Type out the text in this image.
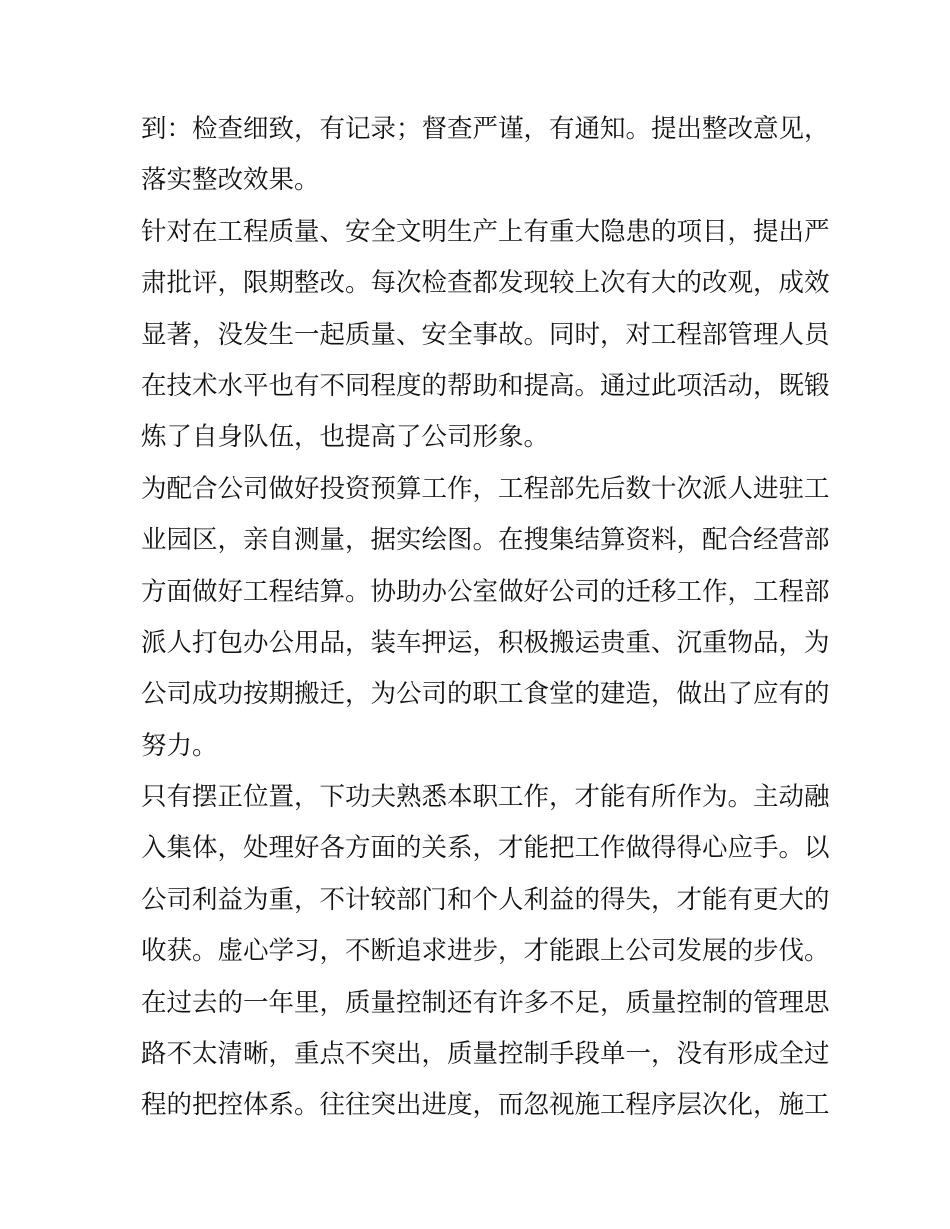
到：检查细致，有记录；督查严谨，有通知。提出整改意见，
落实整改效果。
针对在工程质量、安全文明生产上有重大隐患的项目，提出严
肃批评，限期整改。每次检查都发现较上次有大的改观，成效
显著，没发生一起质量、安全事故。同时，对工程部管理人员
在技术水平也有不同程度的帮助和提高。通过此项活动，既锻
炼了自身队伍，也提高了公司形象。
为配合公司做好投资预算工作，工程部先后数十次派人进驻工
业园区，亲自测量，据实绘图。在搜集结算资料，配合经营部
方面做好工程结算。协助办公室做好公司的迁移工作，工程部
派人打包办公用品，装车押运，积极搬运贵重、沉重物品，为
公司成功按期搬迁，为公司的职工食堂的建造，做出了应有的
努力。
只有摆正位置，下功夫熟悉本职工作，才能有所作为。主动融
入集体，处理好各方面的关系，才能把工作做得得心应手。以
公司利益为重，不计较部门和个人利益的得失，才能有更大的
收获。虚心学习，不断追求进步，才能跟上公司发展的步伐。
在过去的一年里，质量控制还有许多不足，质量控制的管理思
路不太清晰，重点不突出，质量控制手段单一，没有形成全过
程的把控体系。往往突出进度，而忽视施工程序层次化，施工
